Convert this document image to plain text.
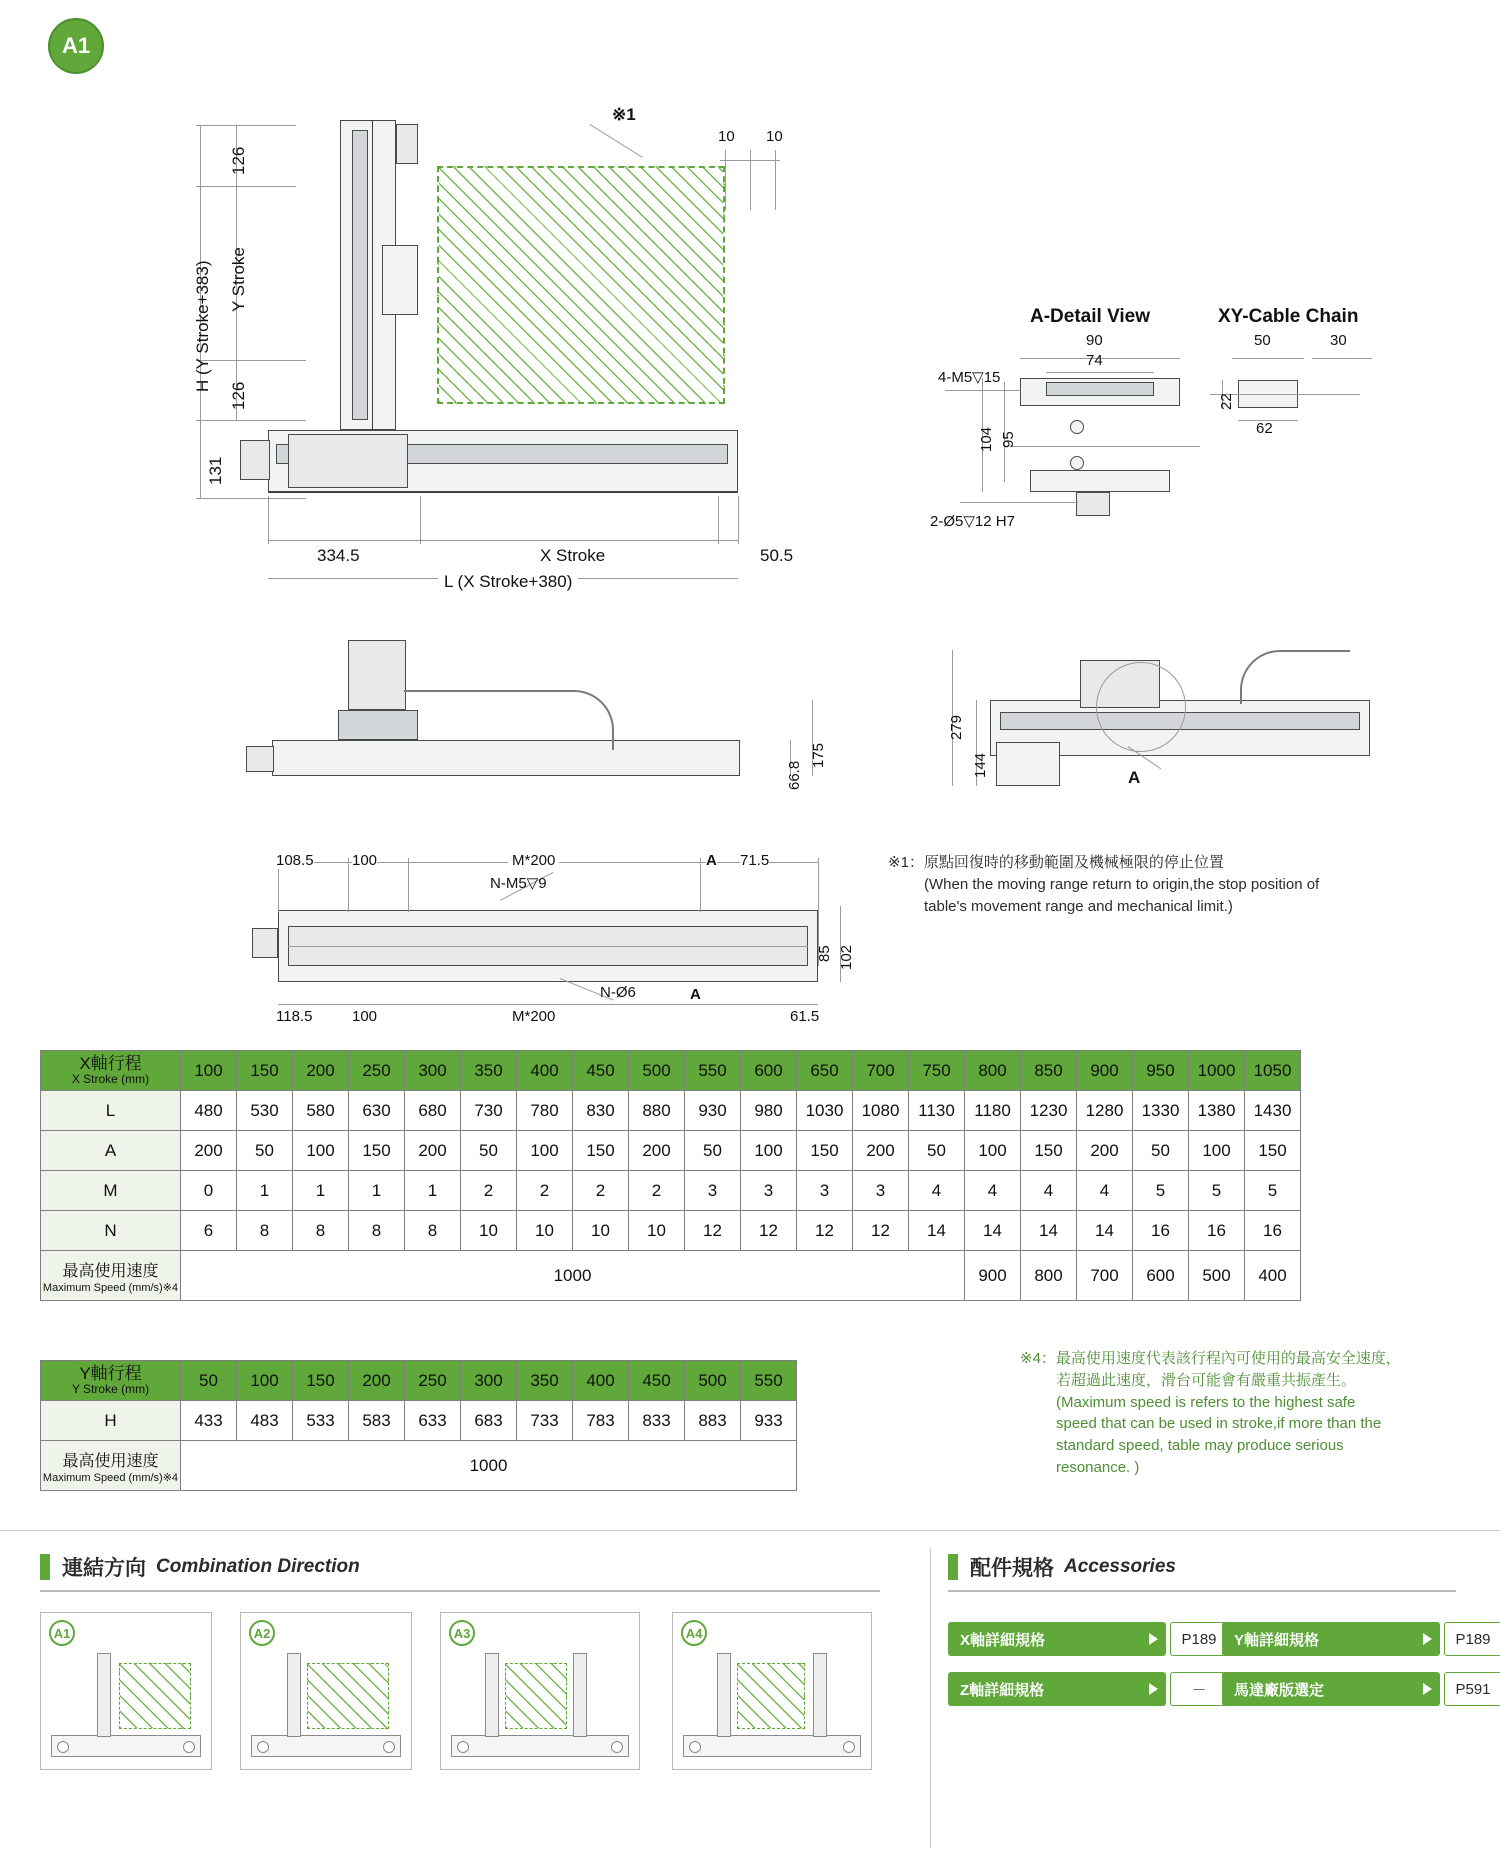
A1
126
Y Stroke
H (Y Stroke+383)
126
131
※1
10 10
334.5	X Stroke	50.5
L (X Stroke+380)
A-Detail View
90
74
104 95
4-M5▽15
2-Ø5▽12 H7
XY-Cable Chain
50	30
22
62
66.8
175
A
279
144
108.5	100	M*200	A 71.5
N-M5▽9
N-Ø6
85 102
118.5	100	M*200
A
61.5
※1： 原點回復時的移動範圍及機械極限的停止位置
(When the moving range return to origin,the stop position of
table's movement range and mechanical limit.)
X軸行程
X Stroke (mm)	100	150	200	250	300	350	400	450	500	550	600	650	700	750	800	850	900	950	1000	1050
L	480	530	580	630	680	730	780	830	880	930	980	1030	1080	1130	1180	1230	1280	1330	1380	1430
A	200	50	100	150	200	50	100	150	200	50	100	150	200	50	100	150	200	50	100	150
M	0	1	1	1	1	2	2	2	2	3	3	3	3	4	4	4	4	5	5	5
N	6	8	8	8	8	10	10	10	10	12	12	12	12	14	14	14	14	16	16	16

最高使用速度
Maximum Speed (mm/s)※4	1000														900	800	700	600	500	400
Y軸行程
Y Stroke (mm)	50	100	150	200	250	300	350	400	450	500	550
H	433	483	533	583	633	683	733	783	833	883	933

最高使用速度
Maximum Speed (mm/s)※4	1000										
※4： 最高使用速度代表該行程內可使用的最高安全速度，
若超過此速度，滑台可能會有嚴重共振產生。
(Maximum speed is refers to the highest safe
speed that can be used in stroke,if more than the
standard speed, table may produce serious
resonance. )
連結方向 Combination Direction
A1	A2	A3	A4
配件規格 Accessories
X軸詳細規格	P189	Y軸詳細規格	P189
Z軸詳細規格	－	馬達廠版選定	P591
